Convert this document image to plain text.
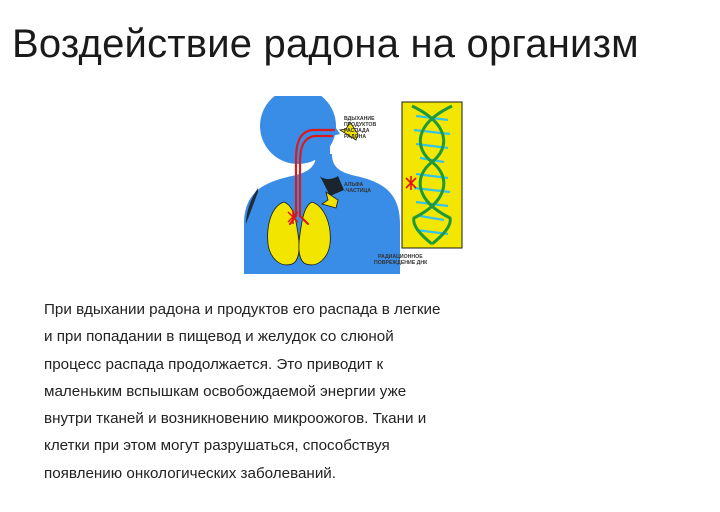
Воздействие радона на организм
ВДЫХАНИЕ
ПРОДУКТОВ
РАСПАДА
РАДОНА
АЛЬФА
-ЧАСТИЦА
РАДИАЦИОННОЕ
ПОВРЕЖДЕНИЕ ДНК

При вдыхании радона и продуктов его распада в легкие
и при попадании в пищевод и желудок со слюной
процесс распада продолжается. Это приводит к
маленьким вспышкам освобождаемой энергии уже
внутри тканей и возникновению микроожогов. Ткани и
клетки при этом могут разрушаться, способствуя
появлению онкологических заболеваний.
